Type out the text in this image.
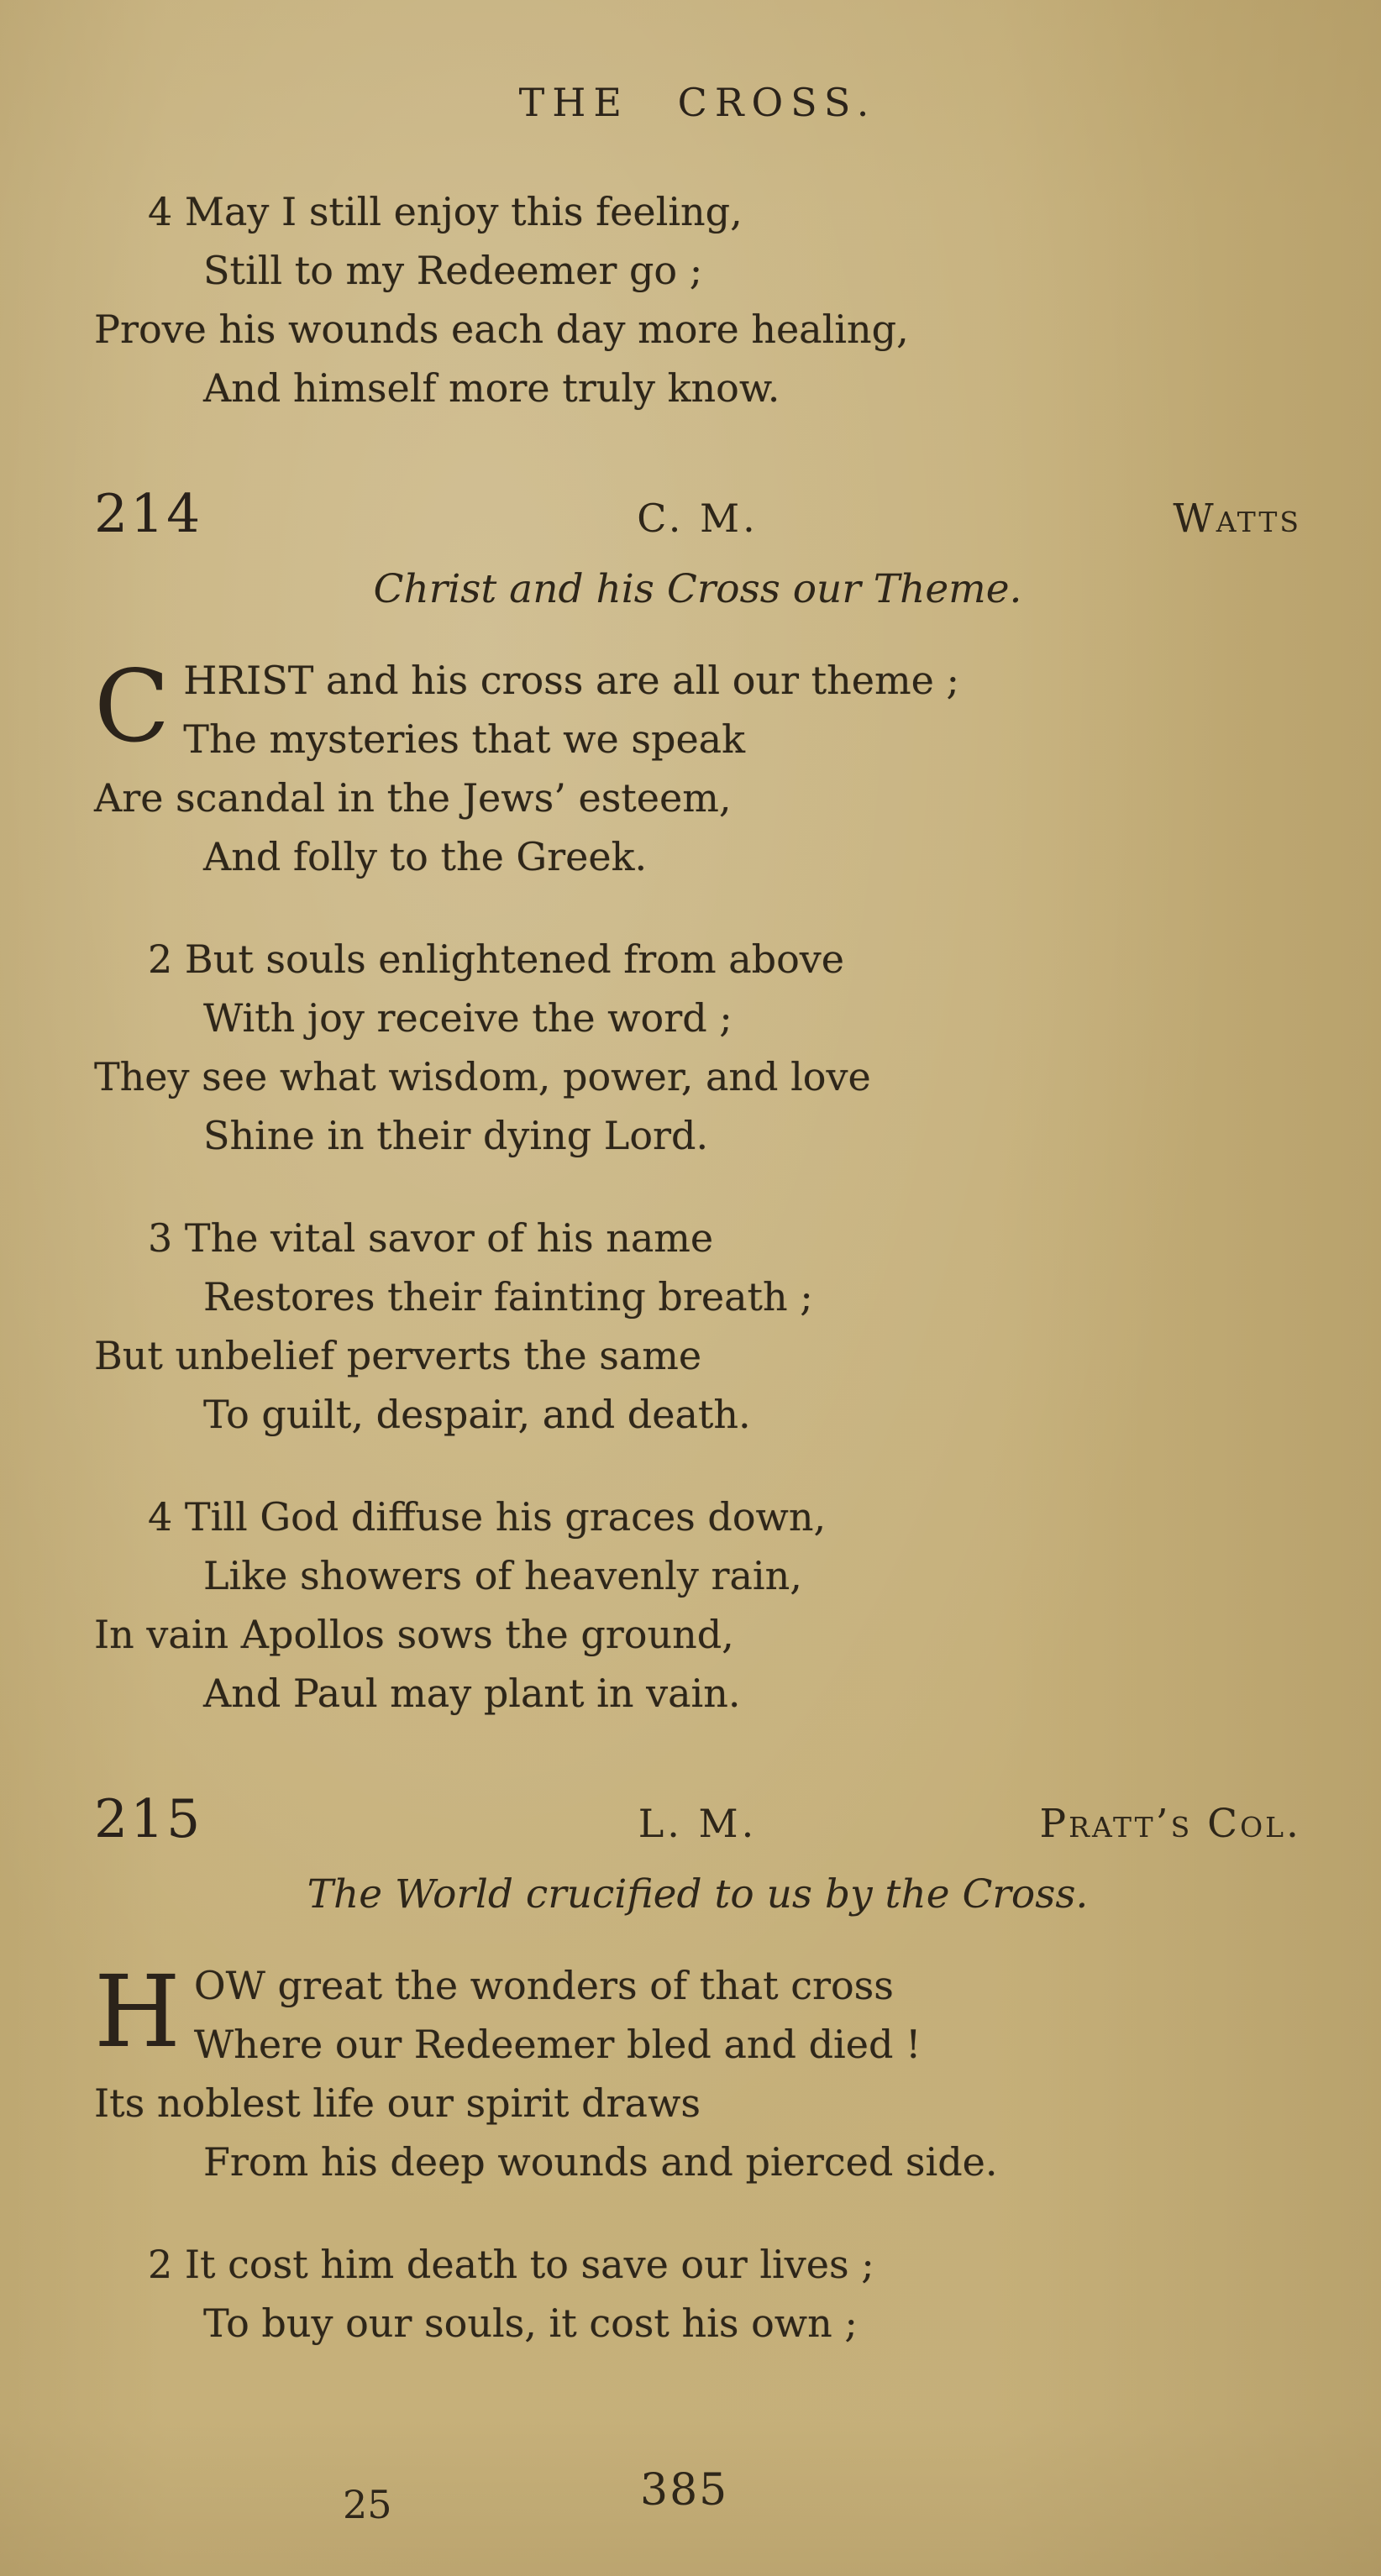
THE CROSS.
4 May I still enjoy this feeling,
Still to my Redeemer go ;
Prove his wounds each day more healing,
And himself more truly know.
214	C. M.	Watts
Christ and his Cross our Theme.
C HRIST and his cross are all our theme ;
The mysteries that we speak
Are scandal in the Jews’ esteem,
And folly to the Greek.
2 But souls enlightened from above
With joy receive the word ;
They see what wisdom, power, and love
Shine in their dying Lord.
3 The vital savor of his name
Restores their fainting breath ;
But unbelief perverts the same
To guilt, despair, and death.
4 Till God diffuse his graces down,
Like showers of heavenly rain,
In vain Apollos sows the ground,
And Paul may plant in vain.
215	L. M.	Pratt’s Col.
The World crucified to us by the Cross.
H OW great the wonders of that cross
Where our Redeemer bled and died !
Its noblest life our spirit draws
From his deep wounds and pierced side.
2 It cost him death to save our lives ;
To buy our souls, it cost his own ;
25	385
